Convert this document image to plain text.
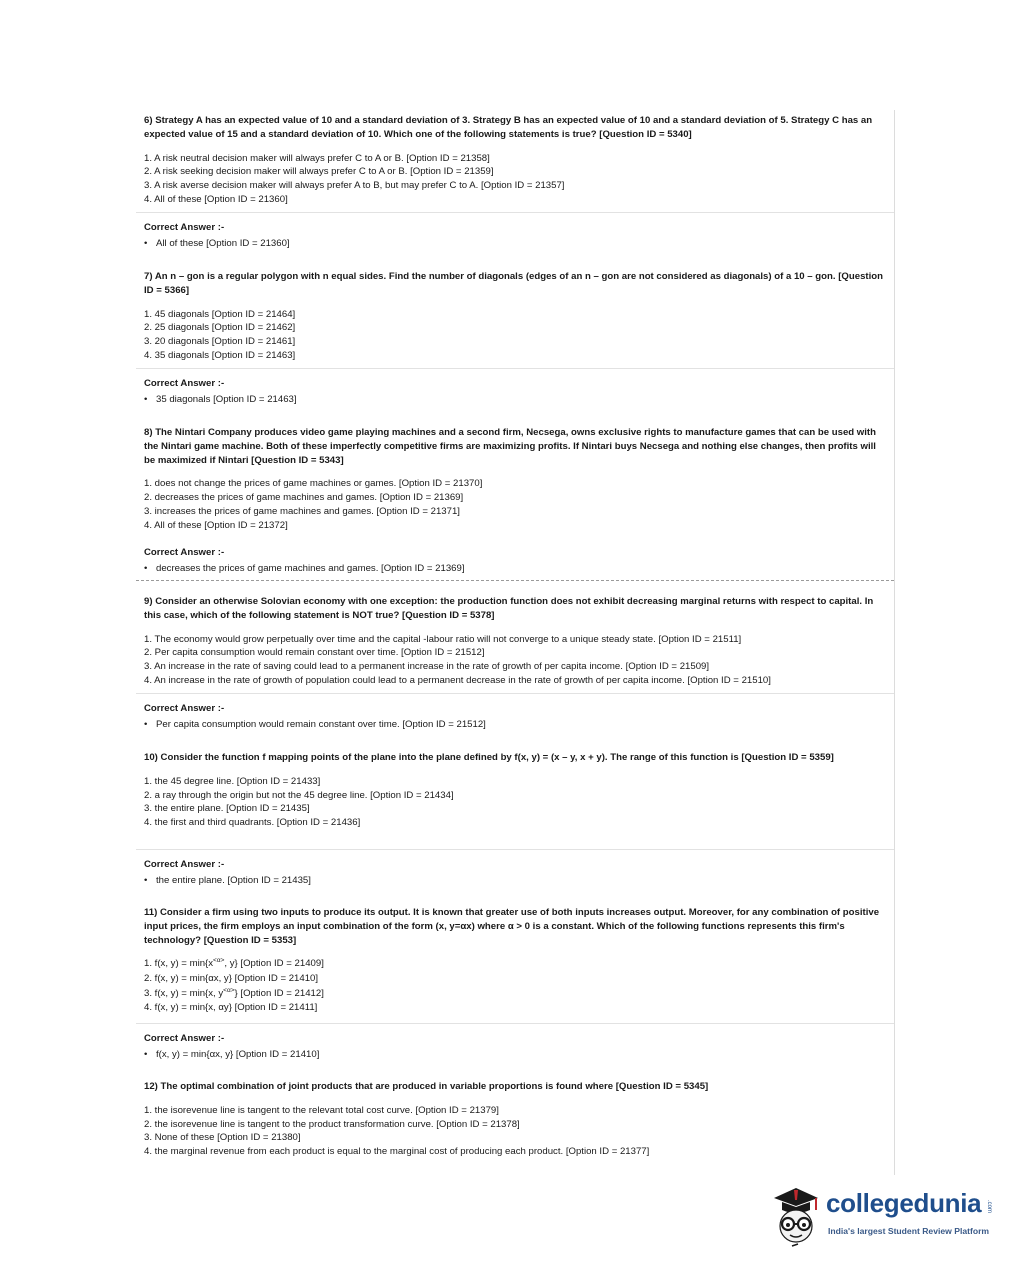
6) Strategy A has an expected value of 10 and a standard deviation of 3. Strategy B has an expected value of 10 and a standard deviation of 5. Strategy C has an expected value of 15 and a standard deviation of 10. Which one of the following statements is true? [Question ID = 5340]

1. A risk neutral decision maker will always prefer C to A or B. [Option ID = 21358]
2. A risk seeking decision maker will always prefer C to A or B. [Option ID = 21359]
3. A risk averse decision maker will always prefer A to B, but may prefer C to A. [Option ID = 21357]
4. All of these [Option ID = 21360]

Correct Answer :-

• All of these [Option ID = 21360]

7) An n – gon is a regular polygon with n equal sides. Find the number of diagonals (edges of an n – gon are not considered as diagonals) of a 10 – gon. [Question ID = 5366]

1. 45 diagonals [Option ID = 21464]
2. 25 diagonals [Option ID = 21462]
3. 20 diagonals [Option ID = 21461]
4. 35 diagonals [Option ID = 21463]

Correct Answer :-

• 35 diagonals [Option ID = 21463]

8) The Nintari Company produces video game playing machines and a second firm, Necsega, owns exclusive rights to manufacture games that can be used with the Nintari game machine. Both of these imperfectly competitive firms are maximizing profits. If Nintari buys Necsega and nothing else changes, then profits will be maximized if Nintari [Question ID = 5343]

1. does not change the prices of game machines or games. [Option ID = 21370]
2. decreases the prices of game machines and games. [Option ID = 21369]
3. increases the prices of game machines and games. [Option ID = 21371]
4. All of these [Option ID = 21372]

Correct Answer :-

• decreases the prices of game machines and games. [Option ID = 21369]

9) Consider an otherwise Solovian economy with one exception: the production function does not exhibit decreasing marginal returns with respect to capital. In this case, which of the following statement is NOT true? [Question ID = 5378]

1. The economy would grow perpetually over time and the capital -labour ratio will not converge to a unique steady state. [Option ID = 21511]
2. Per capita consumption would remain constant over time. [Option ID = 21512]
3. An increase in the rate of saving could lead to a permanent increase in the rate of growth of per capita income. [Option ID = 21509]
4. An increase in the rate of growth of population could lead to a permanent decrease in the rate of growth of per capita income. [Option ID = 21510]

Correct Answer :-

• Per capita consumption would remain constant over time. [Option ID = 21512]

10) Consider the function f mapping points of the plane into the plane defined by f(x, y) = (x – y, x + y). The range of this function is [Question ID = 5359]

1. the 45 degree line. [Option ID = 21433]
2. a ray through the origin but not the 45 degree line. [Option ID = 21434]
3. the entire plane. [Option ID = 21435]
4. the first and third quadrants. [Option ID = 21436]

Correct Answer :-

• the entire plane. [Option ID = 21435]

11) Consider a firm using two inputs to produce its output. It is known that greater use of both inputs increases output. Moreover, for any combination of positive input prices, the firm employs an input combination of the form (x, y=αx) where α > 0 is a constant. Which of the following functions represents this firm's technology? [Question ID = 5353]

1. f(x, $y) = \min\{x^{<\alpha>}$, y} [Option ID = 21409]
2. f(x, y) = min{αx, y} [Option ID = 21410]
3. f(x, y) = min{x, $y^{<\alpha>}$} [Option ID = 21412]
4. f(x, y) = min{x, αy} [Option ID = 21411]

Correct Answer :-

• f(x, y) = min{αx, y} [Option ID = 21410]

12) The optimal combination of joint products that are produced in variable proportions is found where [Question ID = 5345]

1. the isorevenue line is tangent to the relevant total cost curve. [Option ID = 21379]
2. the isorevenue line is tangent to the product transformation curve. [Option ID = 21378]
3. None of these [Option ID = 21380]
4. the marginal revenue from each product is equal to the marginal cost of producing each product. [Option ID = 21377]
collegedunia .com
India's largest Student Review Platform
